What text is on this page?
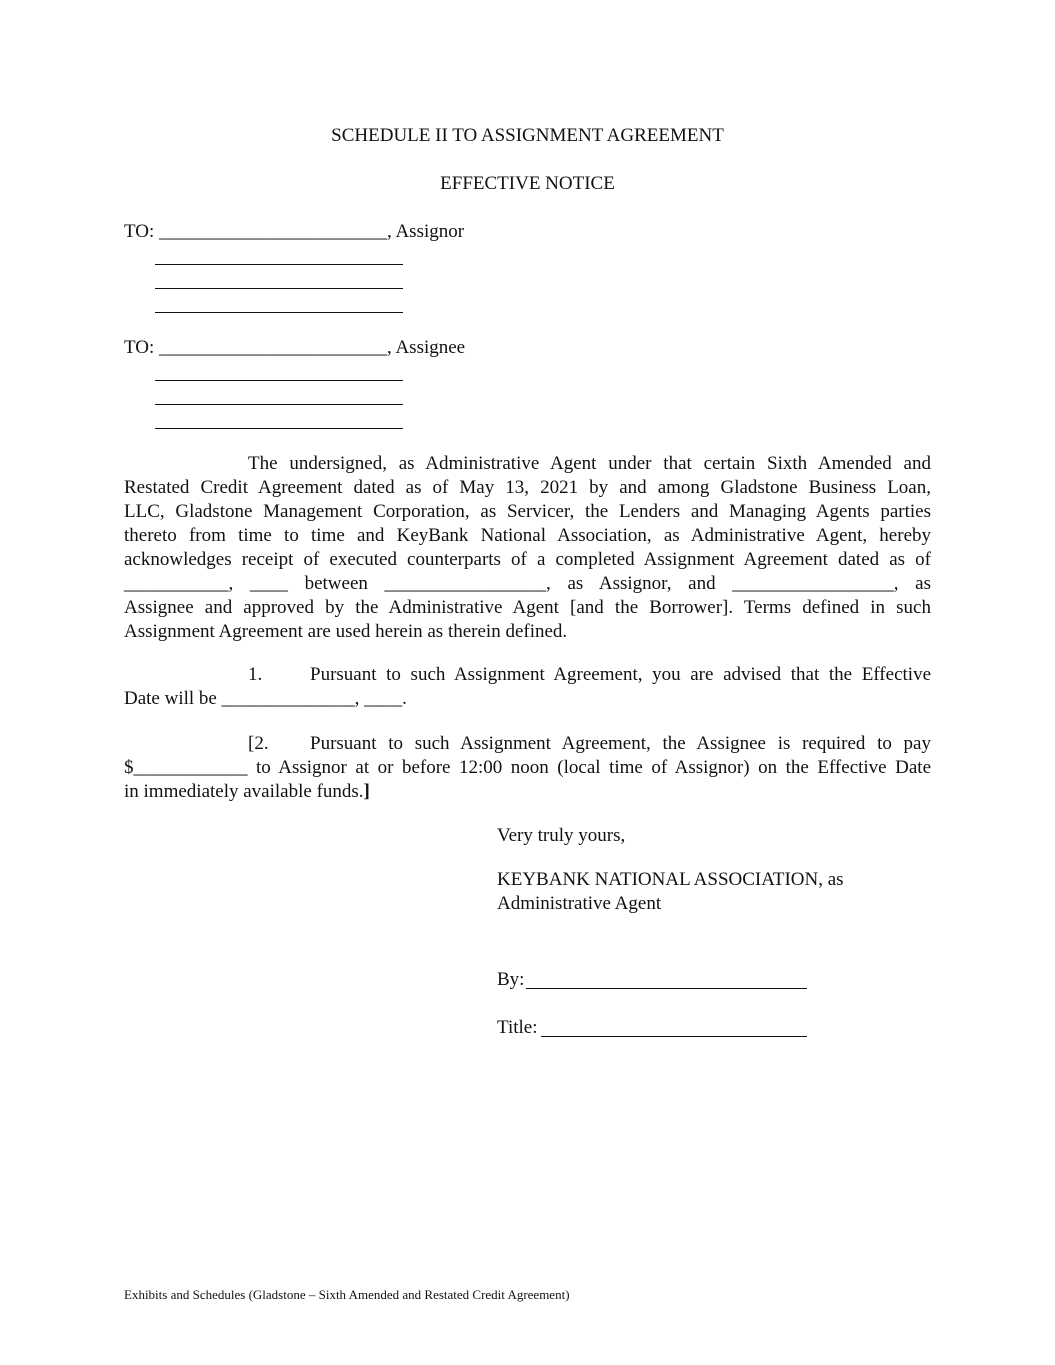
SCHEDULE II TO ASSIGNMENT AGREEMENT
EFFECTIVE NOTICE
TO: ________________________, Assignor
TO: ________________________, Assignee
The undersigned, as Administrative Agent under that certain Sixth Amended and
Restated Credit Agreement dated as of May 13, 2021 by and among Gladstone Business Loan,
LLC, Gladstone Management Corporation, as Servicer, the Lenders and Managing Agents parties
thereto from time to time and KeyBank National Association, as Administrative Agent, hereby
acknowledges receipt of executed counterparts of a completed Assignment Agreement dated as of
___________, ____ between _________________, as Assignor, and _________________, as
Assignee and approved by the Administrative Agent [and the Borrower]. Terms defined in such
Assignment Agreement are used herein as therein defined.
1.	Pursuant to such Assignment Agreement, you are advised that the Effective
Date will be ______________, ____.
[2. Pursuant to such Assignment Agreement, the Assignee is required to pay
$____________ to Assignor at or before 12:00 noon (local time of Assignor) on the Effective Date
in immediately available funds.]
Very truly yours,
KEYBANK NATIONAL ASSOCIATION, as
Administrative Agent
By:
Title:
Exhibits and Schedules (Gladstone – Sixth Amended and Restated Credit Agreement)
